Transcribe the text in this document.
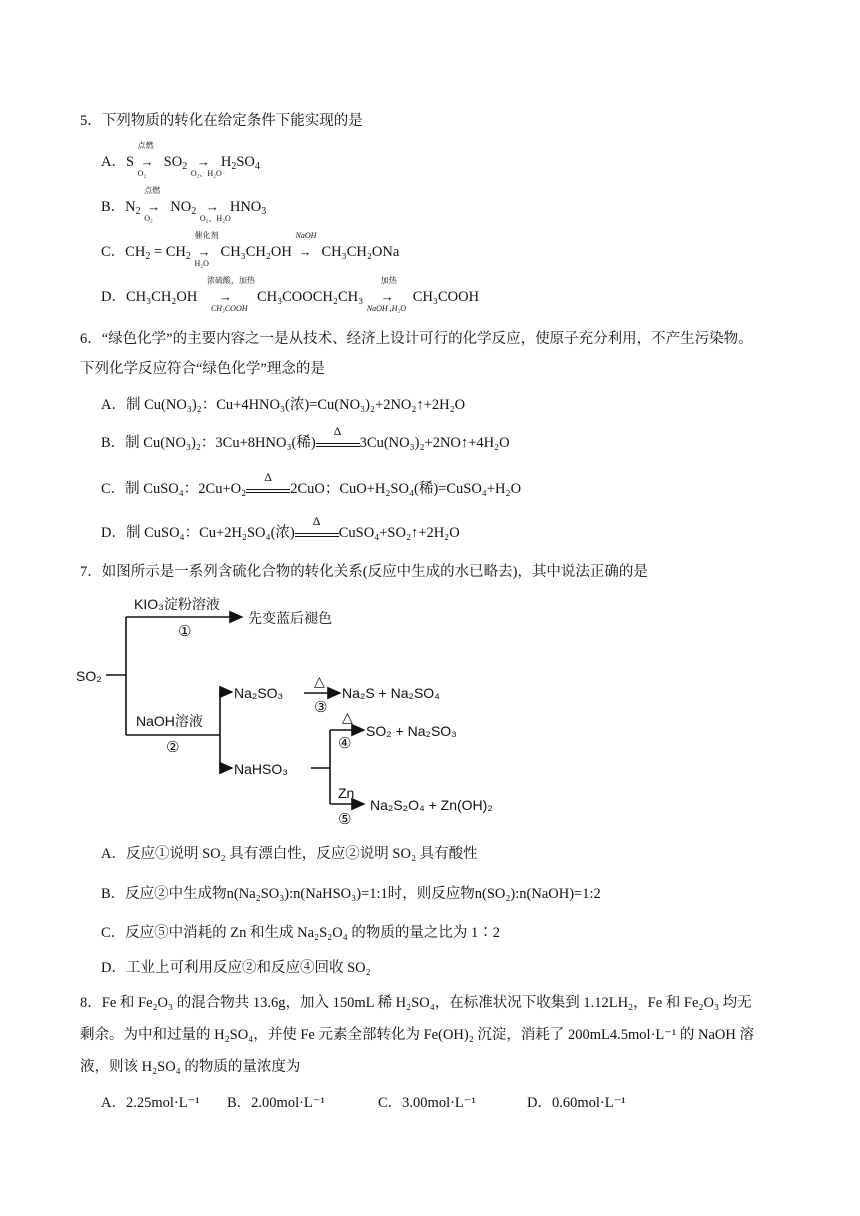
5．下列物质的转化在给定条件下能实现的是
A．S
点燃
→
O₂
$SO_2$ →
O₂、H₂O
$H_2SO_4$
B．$N_2$
点燃
→
O₂
$NO_2$ →
O₂、H₂O
$HNO_3$
C．$CH_2 = CH_2$
催化剂
→
H₂O
CH₃CH₂OH
NaOH
→ CH₃CH₂ONa
D．CH₃CH₂OH
浓硫酸，加热
→
CH₃COOH
CH₃COOCH₂CH₃
加热
→
NaOH ,H₂O
CH₃COOH
6．“绿色化学”的主要内容之一是从技术、经济上设计可行的化学反应，使原子充分利用，不产生污染物。
下列化学反应符合“绿色化学”理念的是
A．制 Cu(NO₃)₂：Cu+4HNO₃(浓)=Cu(NO₃)₂+2NO₂↑+2H₂O
B．制 Cu(NO₃)₂：3Cu+8HNO₃(稀)
Δ
3Cu(NO₃)₂+2NO↑+4H₂O
C．制 CuSO₄：2Cu+O₂
Δ
2CuO；CuO+H₂SO₄(稀)=CuSO₄+H₂O
D．制 CuSO₄：Cu+2H₂SO₄(浓)
Δ
CuSO₄+SO₂↑+2H₂O
7．如图所示是一系列含硫化合物的转化关系(反应中生成的水已略去)，其中说法正确的是
SO₂
KIO₃淀粉溶液
①
先变蓝后褪色
NaOH溶液
②
Na₂SO₃
NaHSO₃
△
③
Na₂S + Na₂SO₄
△
④
SO₂ + Na₂SO₃
Zn
⑤
Na₂S₂O₄ + Zn(OH)₂
A．反应①说明 SO₂ 具有漂白性，反应②说明 SO₂ 具有酸性
B．反应②中生成物n(Na₂SO₃):n(NaHSO₃)=1:1时，则反应物n(SO₂):n(NaOH)=1:2
C．反应⑤中消耗的 Zn 和生成 Na₂S₂O₄ 的物质的量之比为 1∶2
D．工业上可利用反应②和反应④回收 SO₂
8．Fe 和 Fe₂O₃ 的混合物共 13.6g，加入 150mL 稀 H₂SO₄，在标准状况下收集到 1.12LH₂，Fe 和 Fe₂O₃ 均无
剩余。为中和过量的 H₂SO₄，并使 Fe 元素全部转化为 Fe(OH)₂ 沉淀，消耗了 200mL4.5mol·L⁻¹ 的 NaOH 溶
液，则该 H₂SO₄ 的物质的量浓度为
A．2.25mol·L⁻¹ B．2.00mol·L⁻¹	C．3.00mol·L⁻¹	D．0.60mol·L⁻¹
